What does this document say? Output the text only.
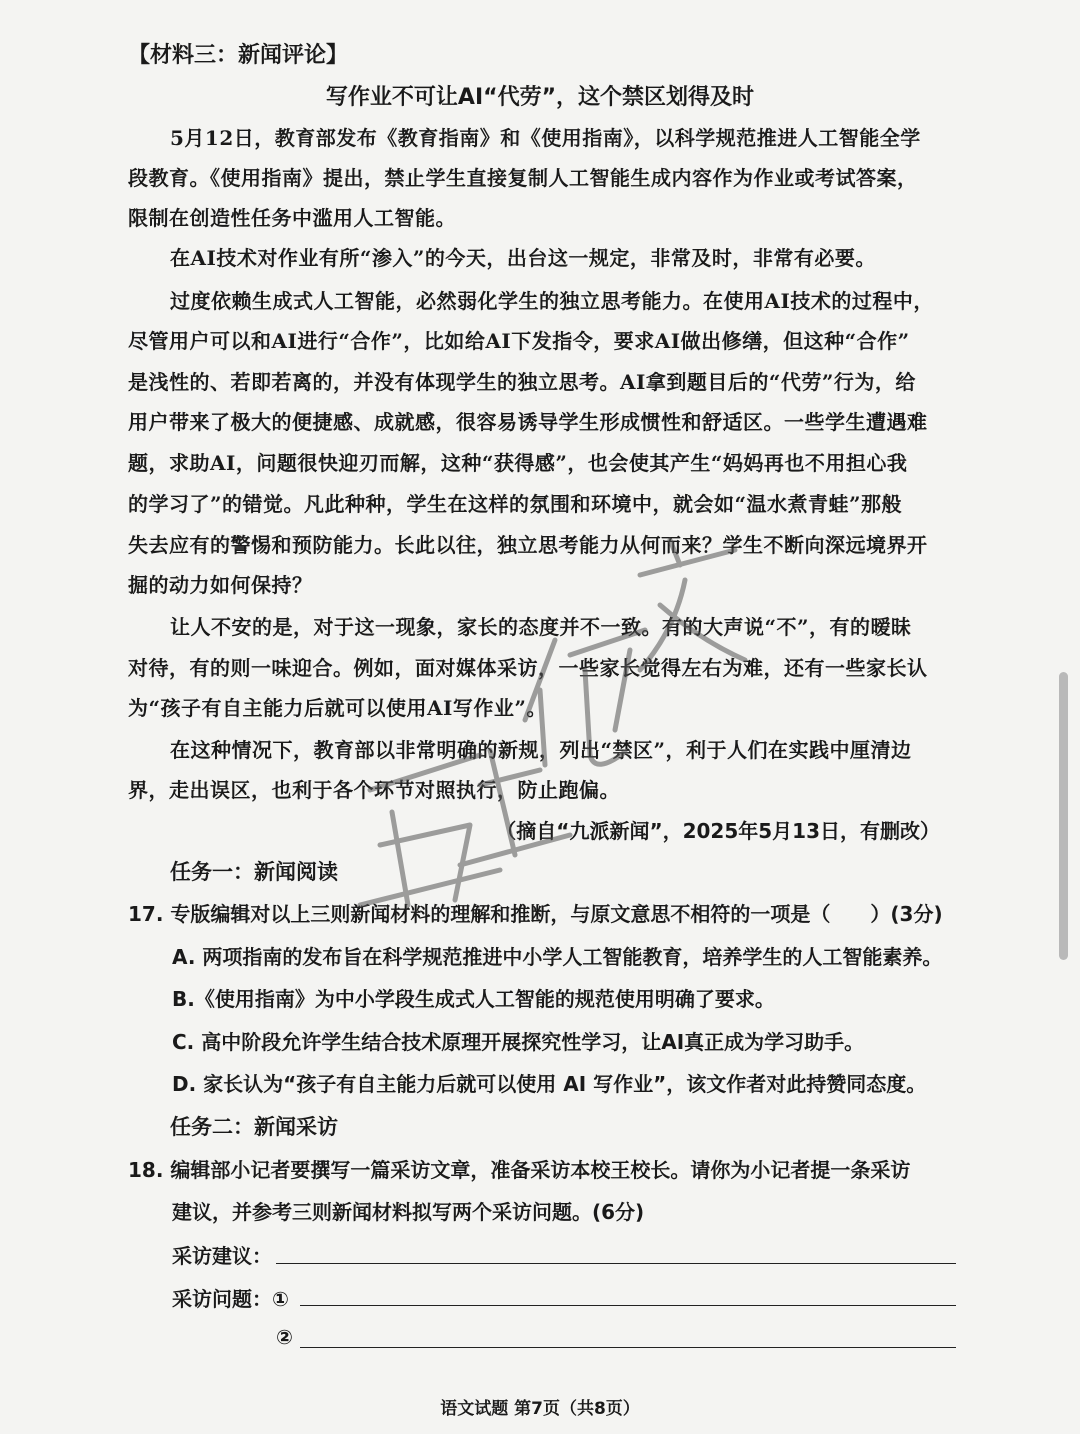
【材料三：新闻评论】
写作业不可让AI“代劳”，这个禁区划得及时
5月12日，教育部发布《教育指南》和《使用指南》，以科学规范推进人工智能全学
段教育。《使用指南》提出，禁止学生直接复制人工智能生成内容作为作业或考试答案，
限制在创造性任务中滥用人工智能。
在AI技术对作业有所“渗入”的今天，出台这一规定，非常及时，非常有必要。
过度依赖生成式人工智能，必然弱化学生的独立思考能力。在使用AI技术的过程中，
尽管用户可以和AI进行“合作”，比如给AI下发指令，要求AI做出修缮，但这种“合作”
是浅性的、若即若离的，并没有体现学生的独立思考。AI拿到题目后的“代劳”行为，给
用户带来了极大的便捷感、成就感，很容易诱导学生形成惯性和舒适区。一些学生遭遇难
题，求助AI，问题很快迎刃而解，这种“获得感”，也会使其产生“妈妈再也不用担心我
的学习了”的错觉。凡此种种，学生在这样的氛围和环境中，就会如“温水煮青蛙”那般
失去应有的警惕和预防能力。长此以往，独立思考能力从何而来？学生不断向深远境界开
掘的动力如何保持？
让人不安的是，对于这一现象，家长的态度并不一致。有的大声说“不”，有的暧昧
对待，有的则一味迎合。例如，面对媒体采访，一些家长觉得左右为难，还有一些家长认
为“孩子有自主能力后就可以使用AI写作业”。
在这种情况下，教育部以非常明确的新规，列出“禁区”，利于人们在实践中厘清边
界，走出误区，也利于各个环节对照执行，防止跑偏。
（摘自“九派新闻”，2025年5月13日，有删改）
任务一：新闻阅读
17. 专版编辑对以上三则新闻材料的理解和推断，与原文意思不相符的一项是（　　）(3分)
A. 两项指南的发布旨在科学规范推进中小学人工智能教育，培养学生的人工智能素养。
B.《使用指南》为中小学段生成式人工智能的规范使用明确了要求。
C. 高中阶段允许学生结合技术原理开展探究性学习，让AI真正成为学习助手。
D. 家长认为“孩子有自主能力后就可以使用 AI 写作业”，该文作者对此持赞同态度。
任务二：新闻采访
18. 编辑部小记者要撰写一篇采访文章，准备采访本校王校长。请你为小记者提一条采访
建议，并参考三则新闻材料拟写两个采访问题。(6分)
采访建议：
采访问题：①
②
语文试题 第7页（共8页）
